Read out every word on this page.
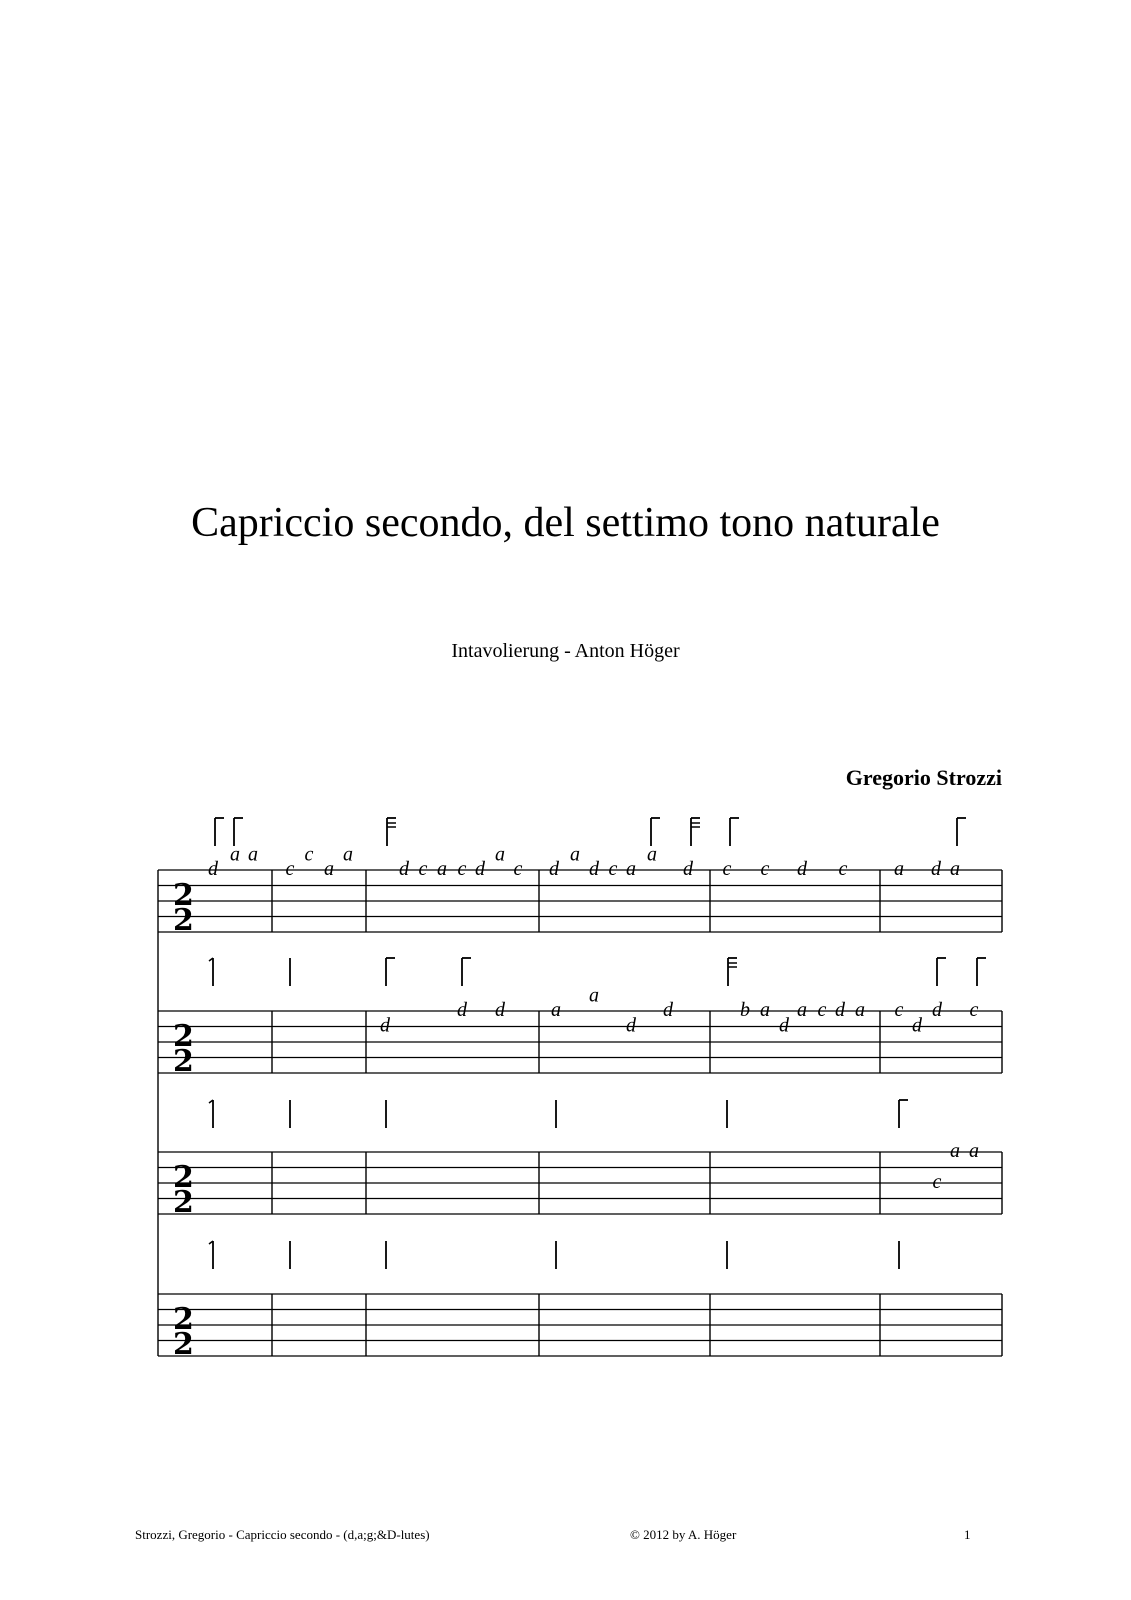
Capriccio secondo, del settimo tono naturale
Intavolierung - Anton Höger
Gregorio Strozzi
2
2
a a
d	c
c
a
a
d c a c d
a
c d
a
d c a
a
d c c d c a d a
2
2
d
d d a
a
d
d	b a
d
a c d a c
d
d c
2
2
a a
c
2
2
Strozzi, Gregorio - Capriccio secondo - (d,a;g;&D-lutes)	© 2012 by A. Höger	1
